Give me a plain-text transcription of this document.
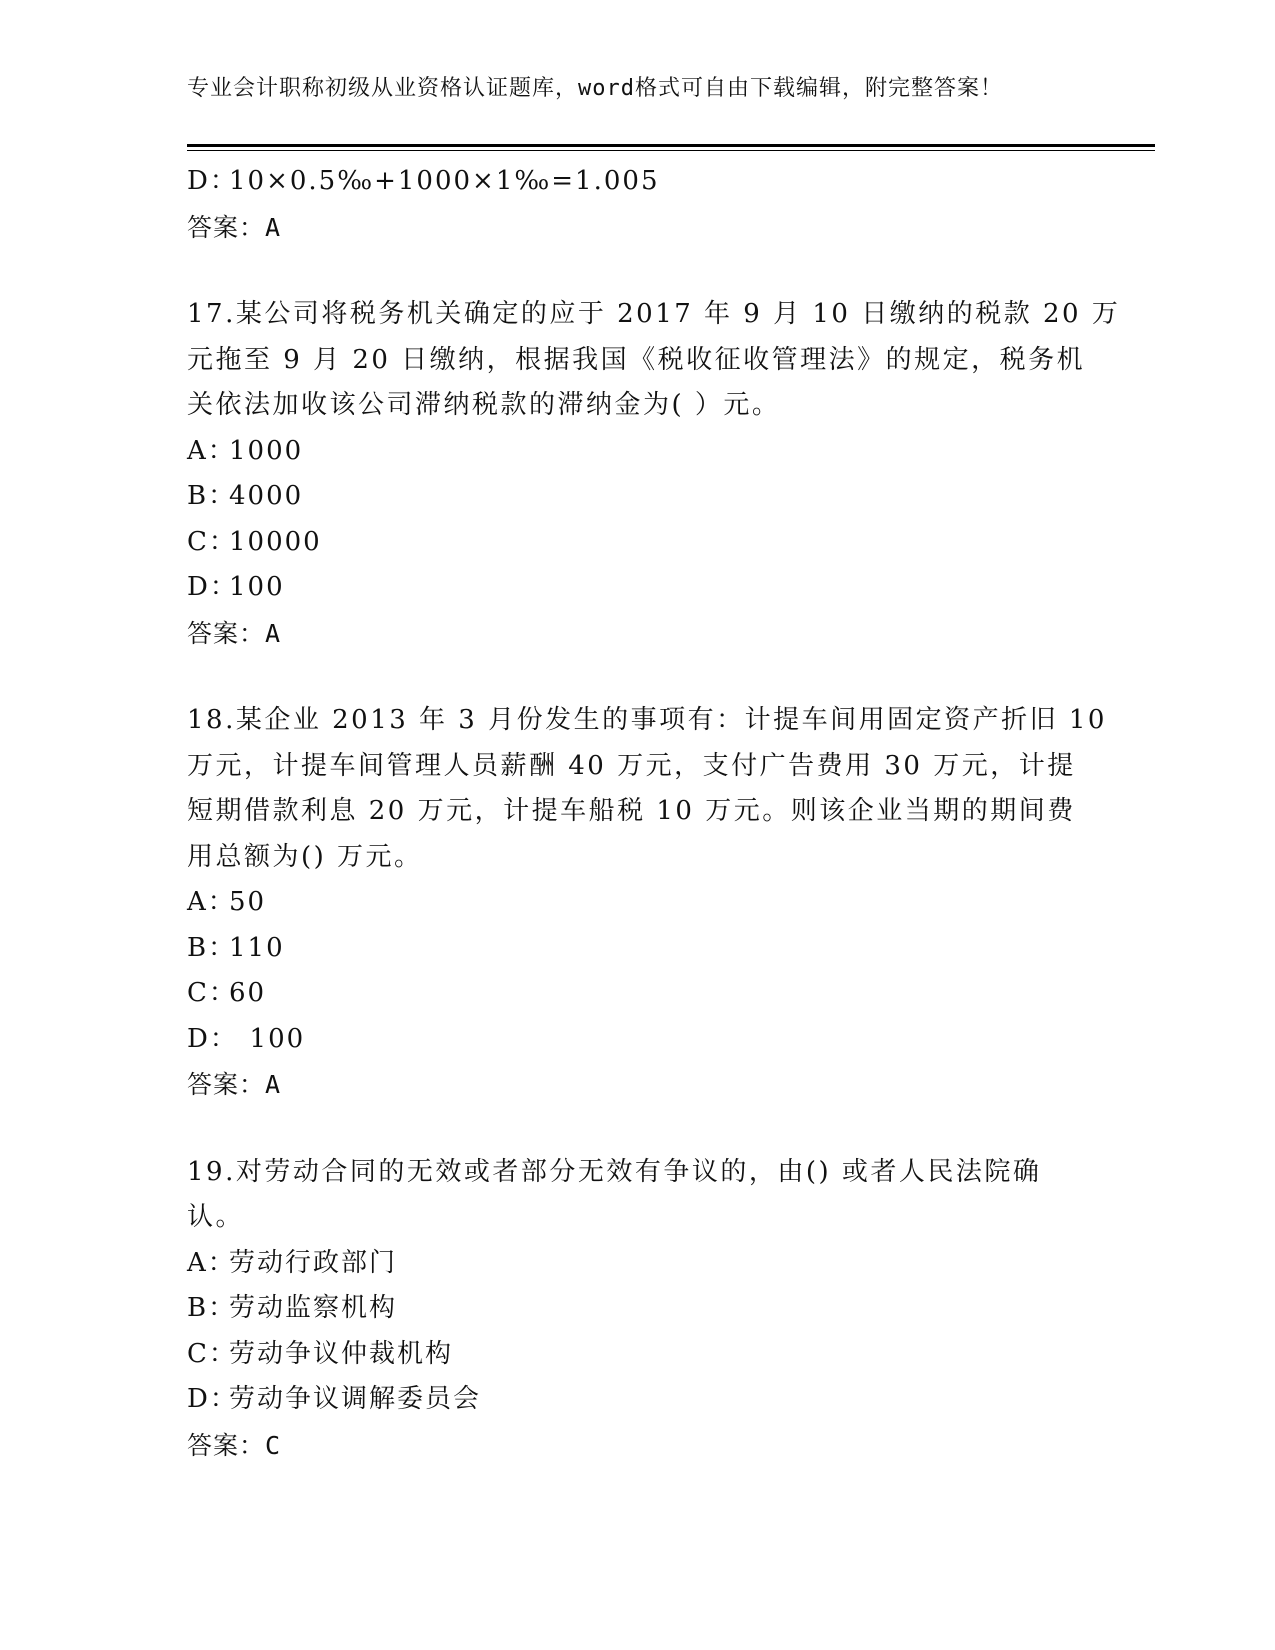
专业会计职称初级从业资格认证题库，word格式可自由下载编辑，附完整答案！
D：10×0.5‰+1000×1‰=1.005
答案：A
17.某公司将税务机关确定的应于 2017 年 9 月 10 日缴纳的税款 20 万
元拖至 9 月 20 日缴纳，根据我国《税收征收管理法》的规定，税务机
关依法加收该公司滞纳税款的滞纳金为( ）元。
A：1000
B：4000
C：10000
D：100
答案：A
18.某企业 2013 年 3 月份发生的事项有：计提车间用固定资产折旧 10
万元，计提车间管理人员薪酬 40 万元，支付广告费用 30 万元，计提
短期借款利息 20 万元，计提车船税 10 万元。则该企业当期的期间费
用总额为() 万元。
A：50
B：110
C：60
D：  100
答案：A
19.对劳动合同的无效或者部分无效有争议的，由() 或者人民法院确
认。
A：劳动行政部门
B：劳动监察机构
C：劳动争议仲裁机构
D：劳动争议调解委员会
答案：C
